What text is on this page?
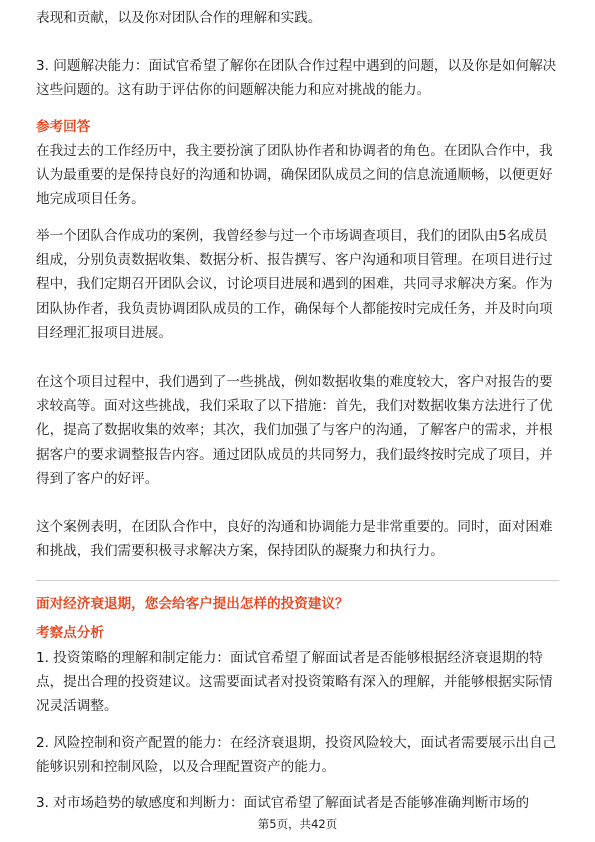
表现和贡献，以及你对团队合作的理解和实践。

3. 问题解决能力：面试官希望了解你在团队合作过程中遇到的问题，以及你是如何解决这些问题的。这有助于评估你的问题解决能力和应对挑战的能力。

参考回答

在我过去的工作经历中，我主要扮演了团队协作者和协调者的角色。在团队合作中，我认为最重要的是保持良好的沟通和协调，确保团队成员之间的信息流通顺畅，以便更好地完成项目任务。

举一个团队合作成功的案例，我曾经参与过一个市场调查项目，我们的团队由5名成员组成，分别负责数据收集、数据分析、报告撰写、客户沟通和项目管理。在项目进行过程中，我们定期召开团队会议，讨论项目进展和遇到的困难，共同寻求解决方案。作为团队协作者，我负责协调团队成员的工作，确保每个人都能按时完成任务，并及时向项目经理汇报项目进展。

在这个项目过程中，我们遇到了一些挑战，例如数据收集的难度较大，客户对报告的要求较高等。面对这些挑战，我们采取了以下措施：首先，我们对数据收集方法进行了优化，提高了数据收集的效率；其次，我们加强了与客户的沟通，了解客户的需求，并根据客户的要求调整报告内容。通过团队成员的共同努力，我们最终按时完成了项目，并得到了客户的好评。

这个案例表明，在团队合作中，良好的沟通和协调能力是非常重要的。同时，面对困难和挑战，我们需要积极寻求解决方案，保持团队的凝聚力和执行力。

面对经济衰退期，您会给客户提出怎样的投资建议？

考察点分析

1. 投资策略的理解和制定能力：面试官希望了解面试者是否能够根据经济衰退期的特点，提出合理的投资建议。这需要面试者对投资策略有深入的理解，并能够根据实际情况灵活调整。

2. 风险控制和资产配置的能力：在经济衰退期，投资风险较大，面试者需要展示出自己能够识别和控制风险，以及合理配置资产的能力。

3. 对市场趋势的敏感度和判断力：面试官希望了解面试者是否能够准确判断市场的

第5页，共42页
